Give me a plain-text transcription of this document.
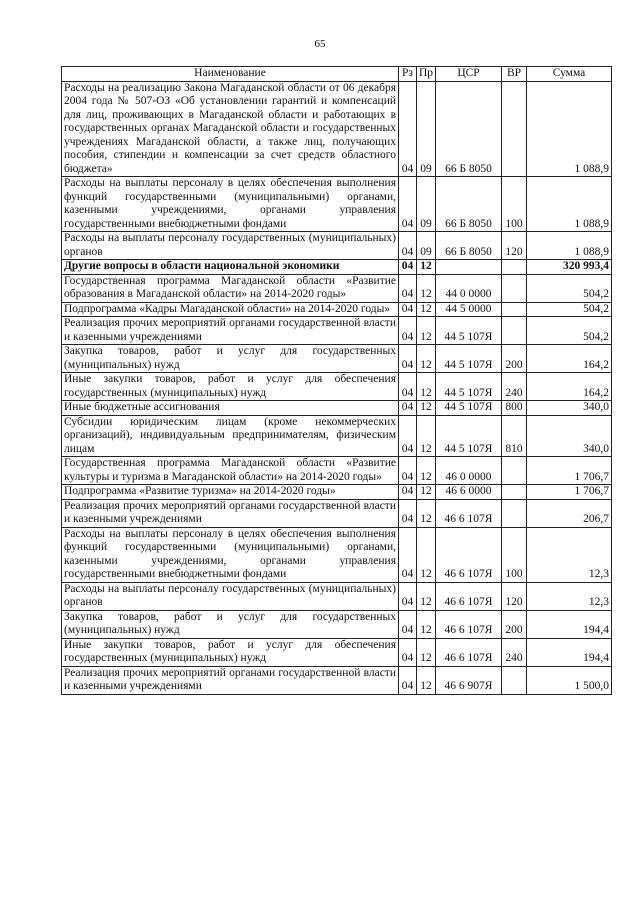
65
Наименование	Рз	Пр	ЦСР	ВР	Сумма
Расходы на реализацию Закона Магаданской области от 06 декабря 2004 года № 507-ОЗ «Об установлении гарантий и компенсаций для лиц, проживающих в Магаданской области и работающих в государственных органах Магаданской области и государственных учреждениях Магаданской области, а также лиц, получающих пособия, стипендии и компенсации за счет средств областного бюджета»	04	09	66 Б 8050		1 088,9
Расходы на выплаты персоналу в целях обеспечения выполнения функций государственными (муниципальными) органами, казенными учреждениями, органами управления государственными внебюджетными фондами	04	09	66 Б 8050	100	1 088,9
Расходы на выплаты персоналу государственных (муниципальных) органов	04	09	66 Б 8050	120	1 088,9
Другие вопросы в области национальной экономики	04	12			320 993,4
Государственная программа Магаданской области «Развитие образования в Магаданской области» на 2014-2020 годы»	04	12	44 0 0000		504,2
Подпрограмма «Кадры Магаданской области» на 2014-2020 годы»	04	12	44 5 0000		504,2
Реализация прочих мероприятий органами государственной власти и казенными учреждениями	04	12	44 5 107Я		504,2
Закупка товаров, работ и услуг для государственных (муниципальных) нужд	04	12	44 5 107Я	200	164,2
Иные закупки товаров, работ и услуг для обеспечения государственных (муниципальных) нужд	04	12	44 5 107Я	240	164,2
Иные бюджетные ассигнования	04	12	44 5 107Я	800	340,0
Субсидии юридическим лицам (кроме некоммерческих организаций), индивидуальным предпринимателям, физическим лицам	04	12	44 5 107Я	810	340,0
Государственная программа Магаданской области «Развитие культуры и туризма в Магаданской области» на 2014-2020 годы»	04	12	46 0 0000		1 706,7
Подпрограмма «Развитие туризма» на 2014-2020 годы»	04	12	46 6 0000		1 706,7
Реализация прочих мероприятий органами государственной власти и казенными учреждениями	04	12	46 6 107Я		206,7
Расходы на выплаты персоналу в целях обеспечения выполнения функций государственными (муниципальными) органами, казенными учреждениями, органами управления государственными внебюджетными фондами	04	12	46 6 107Я	100	12,3
Расходы на выплаты персоналу государственных (муниципальных) органов	04	12	46 6 107Я	120	12,3
Закупка товаров, работ и услуг для государственных (муниципальных) нужд	04	12	46 6 107Я	200	194,4
Иные закупки товаров, работ и услуг для обеспечения государственных (муниципальных) нужд	04	12	46 6 107Я	240	194,4
Реализация прочих мероприятий органами государственной власти и казенными учреждениями	04	12	46 6 907Я		1 500,0
